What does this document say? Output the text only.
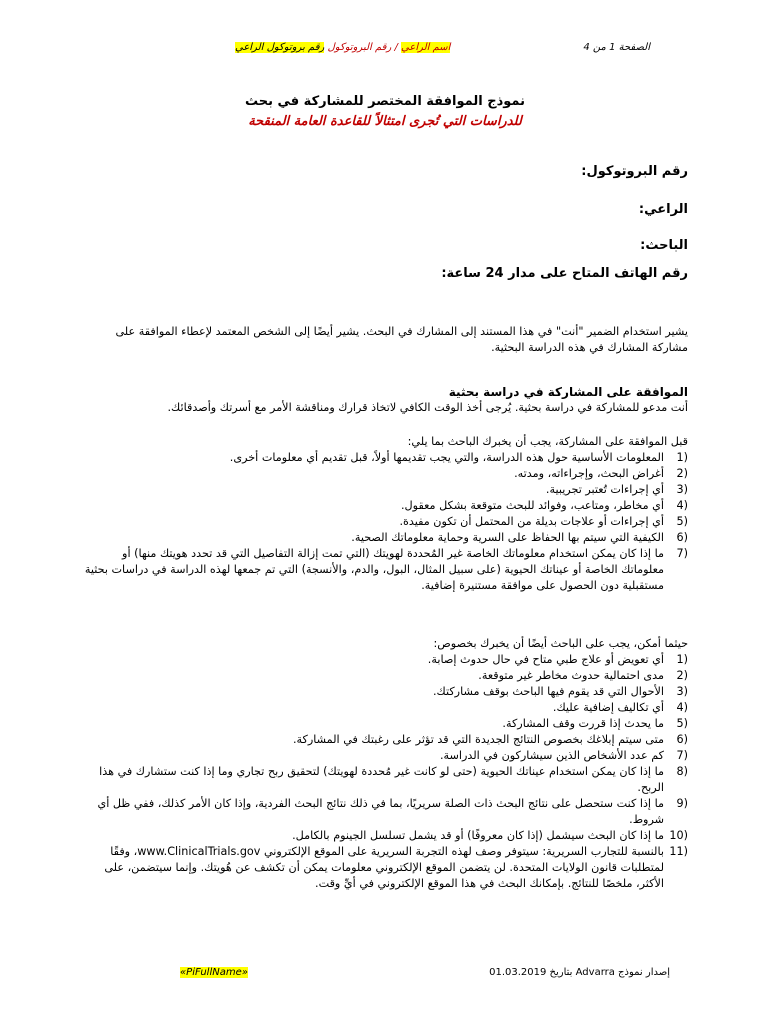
الصفحة 1 من 4
اسم الراعي / رقم البروتوكول رقم بروتوكول الراعي
نموذج الموافقة المختصر للمشاركة في بحث
للدراسات التي تُجرى امتثالاً للقاعدة العامة المنقحة
رقم البروتوكول:
الراعي:
الباحث:
رقم الهاتف المتاح على مدار 24 ساعة:
يشير استخدام الضمير "أنت" في هذا المستند إلى المشارك في البحث. يشير أيضًا إلى الشخص المعتمد لإعطاء الموافقة على مشاركة المشارك في هذه الدراسة البحثية.
الموافقة على المشاركة في دراسة بحثية
أنت مدعو للمشاركة في دراسة بحثية. يُرجى أخذ الوقت الكافي لاتخاذ قرارك ومناقشة الأمر مع أسرتك وأصدقائك.
قبل الموافقة على المشاركة، يجب أن يخبرك الباحث بما يلي:
(1
المعلومات الأساسية حول هذه الدراسة، والتي يجب تقديمها أولاً، قبل تقديم أي معلومات أخرى.
(2
أغراض البحث، وإجراءاته، ومدته.
(3
أي إجراءات تُعتبر تجريبية.
(4
أي مخاطر، ومتاعب، وفوائد للبحث متوقعة بشكل معقول.
(5
أي إجراءات أو علاجات بديلة من المحتمل أن تكون مفيدة.
(6
الكيفية التي سيتم بها الحفاظ على السرية وحماية معلوماتك الصحية.
(7
ما إذا كان يمكن استخدام معلوماتك الخاصة غير المُحددة لهويتك (التي تمت إزالة التفاصيل التي قد تحدد هويتك منها) أو معلوماتك الخاصة أو عيناتك الحيوية (على سبيل المثال، البول، والدم، والأنسجة) التي تم جمعها لهذه الدراسة في دراسات بحثية مستقبلية دون الحصول على موافقة مستنيرة إضافية.
حيثما أمكن، يجب على الباحث أيضًا أن يخبرك بخصوص:
(1
أي تعويض أو علاج طبي متاح في حال حدوث إصابة.
(2
مدى احتمالية حدوث مخاطر غير متوقعة.
(3
الأحوال التي قد يقوم فيها الباحث بوقف مشاركتك.
(4
أي تكاليف إضافية عليك.
(5
ما يحدث إذا قررت وقف المشاركة.
(6
متى سيتم إبلاغك بخصوص النتائج الجديدة التي قد تؤثر على رغبتك في المشاركة.
(7
كم عدد الأشخاص الذين سيشاركون في الدراسة.
(8
ما إذا كان يمكن استخدام عيناتك الحيوية (حتى لو كانت غير مُحددة لهويتك) لتحقيق ربح تجاري وما إذا كنت ستشارك في هذا الربح.
(9
ما إذا كنت ستحصل على نتائج البحث ذات الصلة سريريًا، بما في ذلك نتائج البحث الفردية، وإذا كان الأمر كذلك، ففي ظل أي شروط.
(10
ما إذا كان البحث سيشمل (إذا كان معروفًا) أو قد يشمل تسلسل الجينوم بالكامل.
(11
بالنسبة للتجارب السريرية: سيتوفر وصف لهذه التجربة السريرية على الموقع الإلكتروني www.ClinicalTrials.gov، وفقًا لمتطلبات قانون الولايات المتحدة. لن يتضمن الموقع الإلكتروني معلومات يمكن أن تكشف عن هُويتك. وإنما سيتضمن، على الأكثر، ملخصًا للنتائج. بإمكانك البحث في هذا الموقع الإلكتروني في أيِّ وقت.
إصدار نموذج Advarra بتاريخ 01.03.2019
«PiFullName»
